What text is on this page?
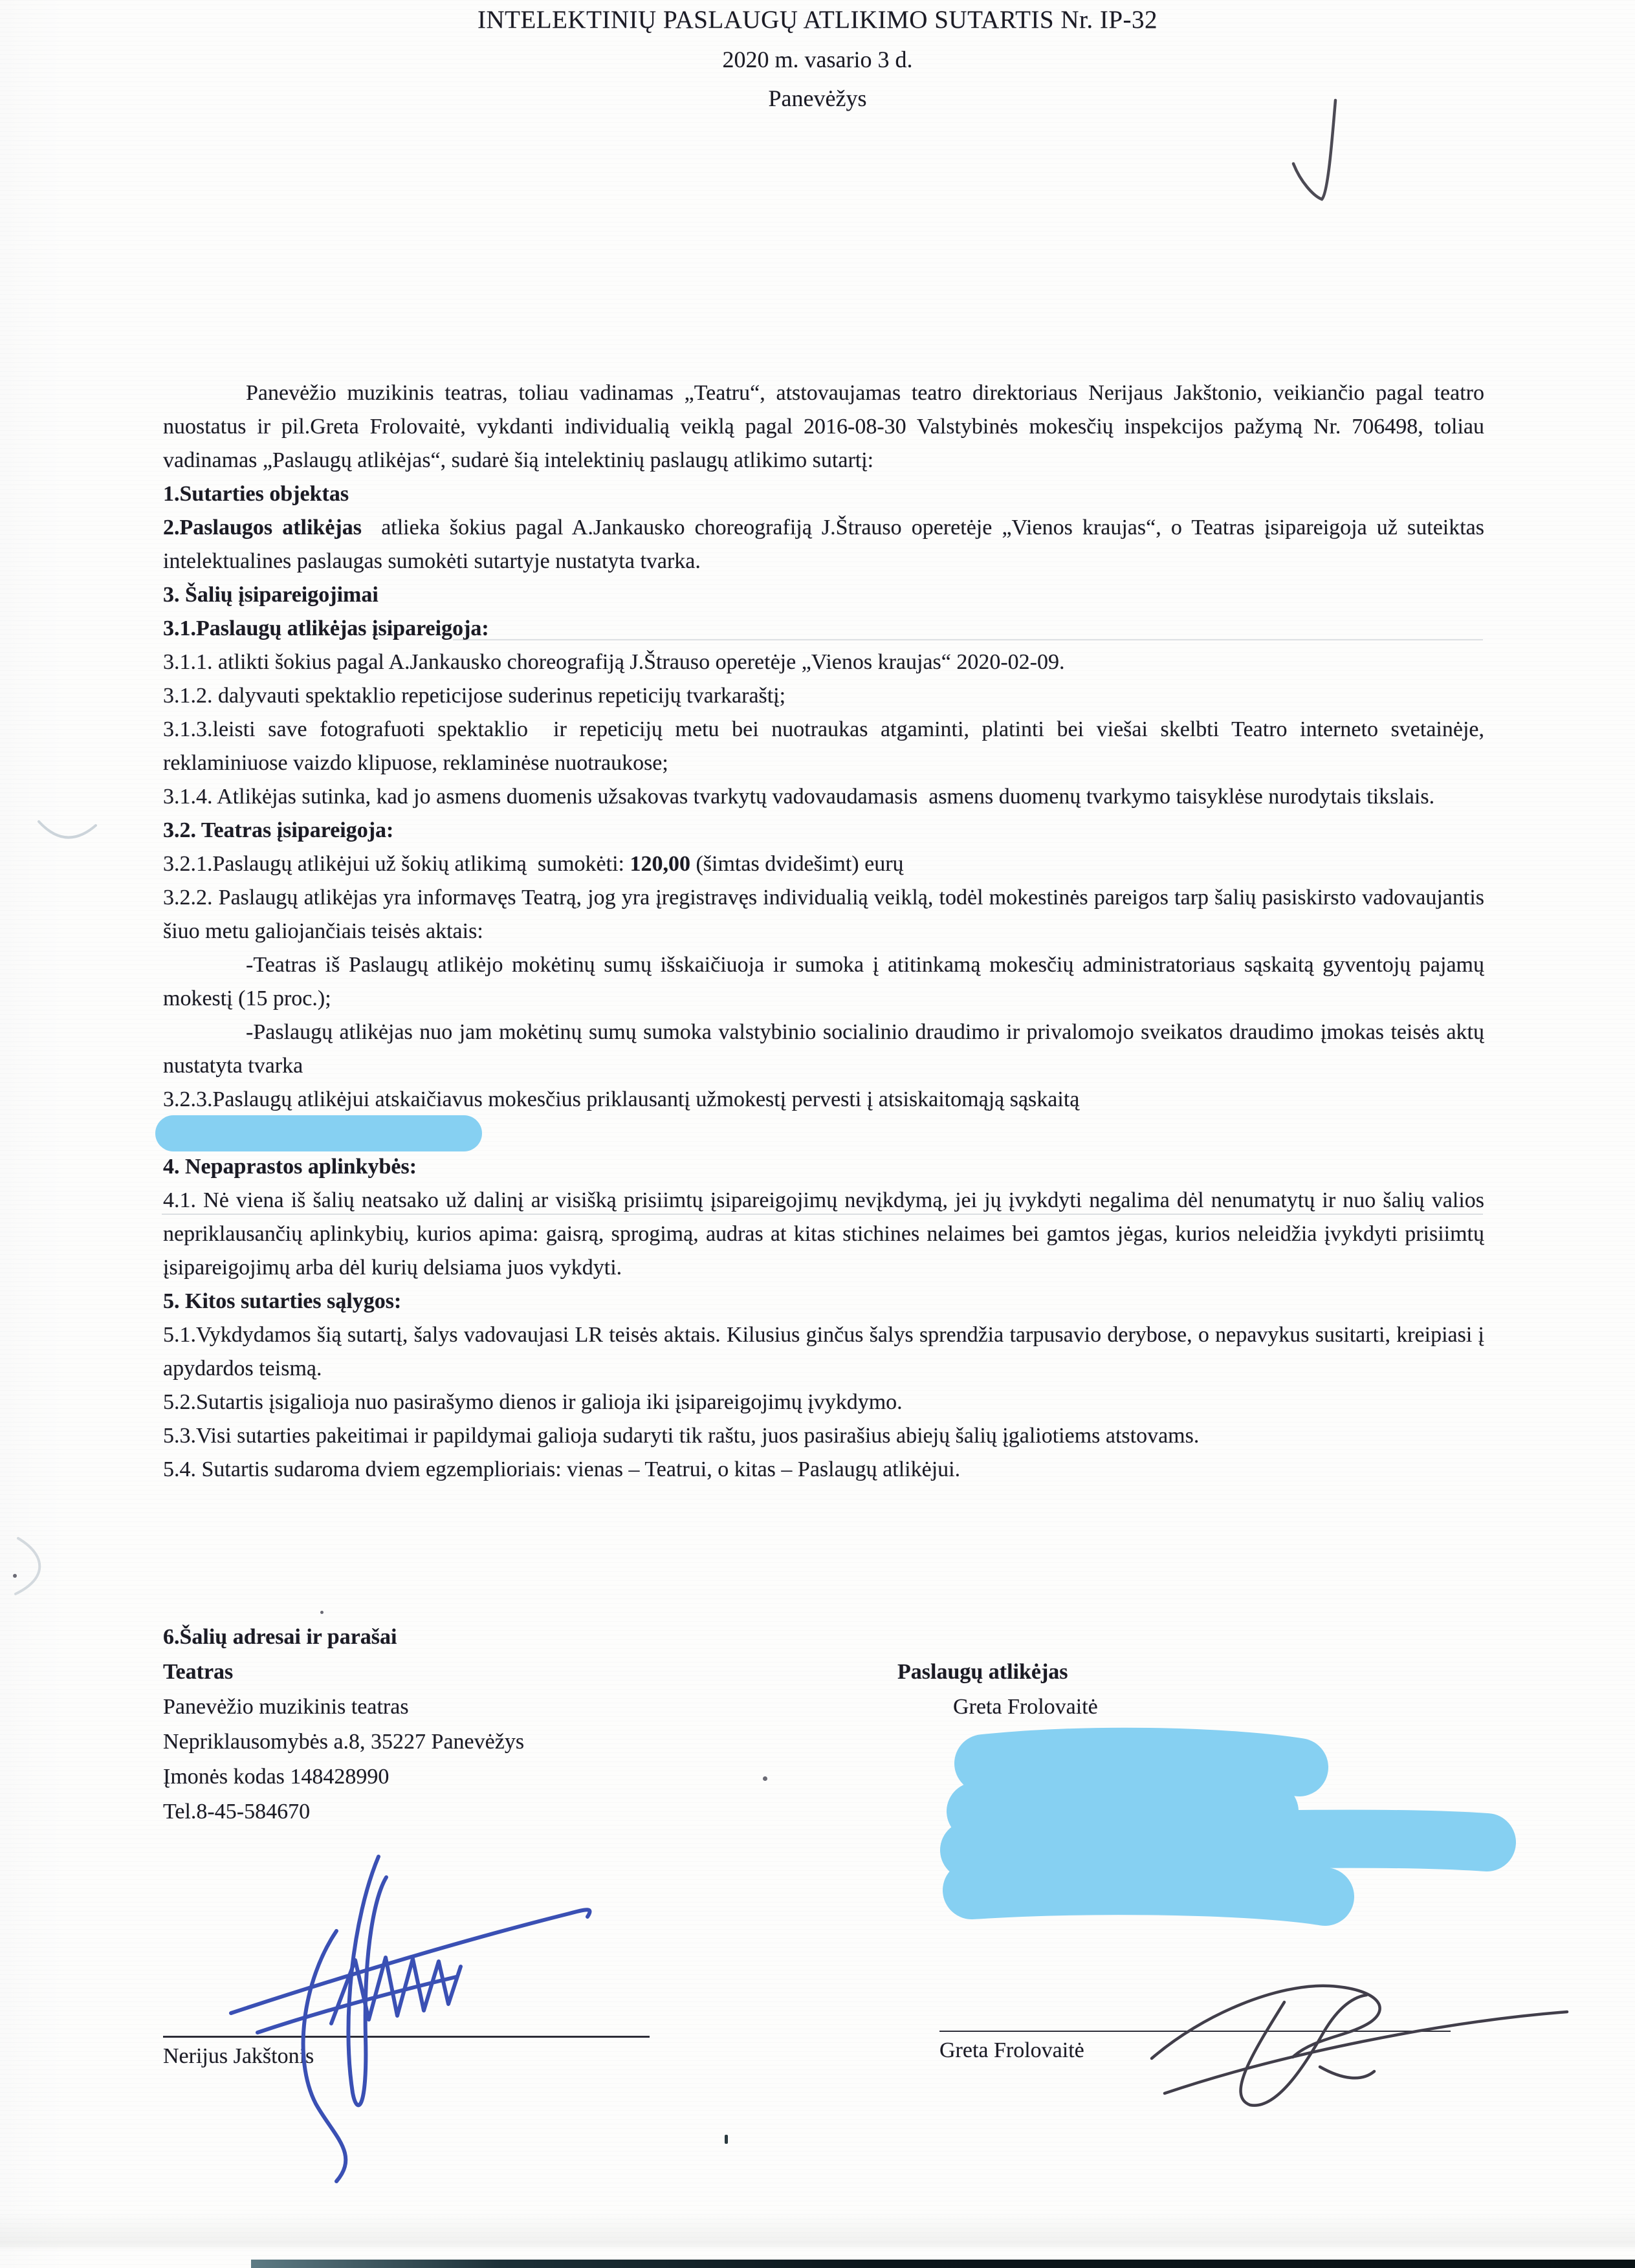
INTELEKTINIŲ PASLAUGŲ ATLIKIMO SUTARTIS Nr. IP-32
2020 m. vasario 3 d.
Panevėžys

Panevėžio muzikinis teatras, toliau vadinamas „Teatru“, atstovaujamas teatro direktoriaus Nerijaus Jakštonio, veikiančio pagal teatro nuostatus ir pil.Greta Frolovaitė, vykdanti individualią veiklą pagal 2016-08-30 Valstybinės mokesčių inspekcijos pažymą Nr. 706498, toliau vadinamas „Paslaugų atlikėjas“, sudarė šią intelektinių paslaugų atlikimo sutartį:

1.Sutarties objektas

2.Paslaugos atlikėjas  atlieka šokius pagal A.Jankausko choreografiją J.Štrauso operetėje „Vienos kraujas“, o Teatras įsipareigoja už suteiktas intelektualines paslaugas sumokėti sutartyje nustatyta tvarka.

3. Šalių įsipareigojimai

3.1.Paslaugų atlikėjas įsipareigoja:

3.1.1. atlikti šokius pagal A.Jankausko choreografiją J.Štrauso operetėje „Vienos kraujas“ 2020-02-09.

3.1.2. dalyvauti spektaklio repeticijose suderinus repeticijų tvarkaraštį;

3.1.3.leisti save fotografuoti spektaklio  ir repeticijų metu bei nuotraukas atgaminti, platinti bei viešai skelbti Teatro interneto svetainėje, reklaminiuose vaizdo klipuose, reklaminėse nuotraukose;

3.1.4. Atlikėjas sutinka, kad jo asmens duomenis užsakovas tvarkytų vadovaudamasis  asmens duomenų tvarkymo taisyklėse nurodytais tikslais.

3.2. Teatras įsipareigoja:

3.2.1.Paslaugų atlikėjui už šokių atlikimą  sumokėti: 120,00 (šimtas dvidešimt) eurų

3.2.2. Paslaugų atlikėjas yra informavęs Teatrą, jog yra įregistravęs individualią veiklą, todėl mokestinės pareigos tarp šalių pasiskirsto vadovaujantis šiuo metu galiojančiais teisės aktais:

-Teatras iš Paslaugų atlikėjo mokėtinų sumų išskaičiuoja ir sumoka į atitinkamą mokesčių administratoriaus sąskaitą gyventojų pajamų mokestį (15 proc.);

-Paslaugų atlikėjas nuo jam mokėtinų sumų sumoka valstybinio socialinio draudimo ir privalomojo sveikatos draudimo įmokas teisės aktų nustatyta tvarka

3.2.3.Paslaugų atlikėjui atskaičiavus mokesčius priklausantį užmokestį pervesti į atsiskaitomąją sąskaitą

4. Nepaprastos aplinkybės:

4.1. Nė viena iš šalių neatsako už dalinį ar visišką prisiimtų įsipareigojimų nevįkdymą, jei jų įvykdyti negalima dėl nenumatytų ir nuo šalių valios nepriklausančių aplinkybių, kurios apima: gaisrą, sprogimą, audras at kitas stichines nelaimes bei gamtos jėgas, kurios neleidžia įvykdyti prisiimtų įsipareigojimų arba dėl kurių delsiama juos vykdyti.

5. Kitos sutarties sąlygos:

5.1.Vykdydamos šią sutartį, šalys vadovaujasi LR teisės aktais. Kilusius ginčus šalys sprendžia tarpusavio derybose, o nepavykus susitarti, kreipiasi į apydardos teismą.

5.2.Sutartis įsigalioja nuo pasirašymo dienos ir galioja iki įsipareigojimų įvykdymo.

5.3.Visi sutarties pakeitimai ir papildymai galioja sudaryti tik raštu, juos pasirašius abiejų šalių įgaliotiems atstovams.

5.4. Sutartis sudaroma dviem egzemplioriais: vienas – Teatrui, o kitas – Paslaugų atlikėjui.

6.Šalių adresai ir parašai

Teatras

Panevėžio muzikinis teatras

Nepriklausomybės a.8, 35227 Panevėžys

Įmonės kodas 148428990

Tel.8-45-584670

Paslaugų atlikėjas

Greta Frolovaitė

Nerijus Jakštonis	Greta Frolovaitė
